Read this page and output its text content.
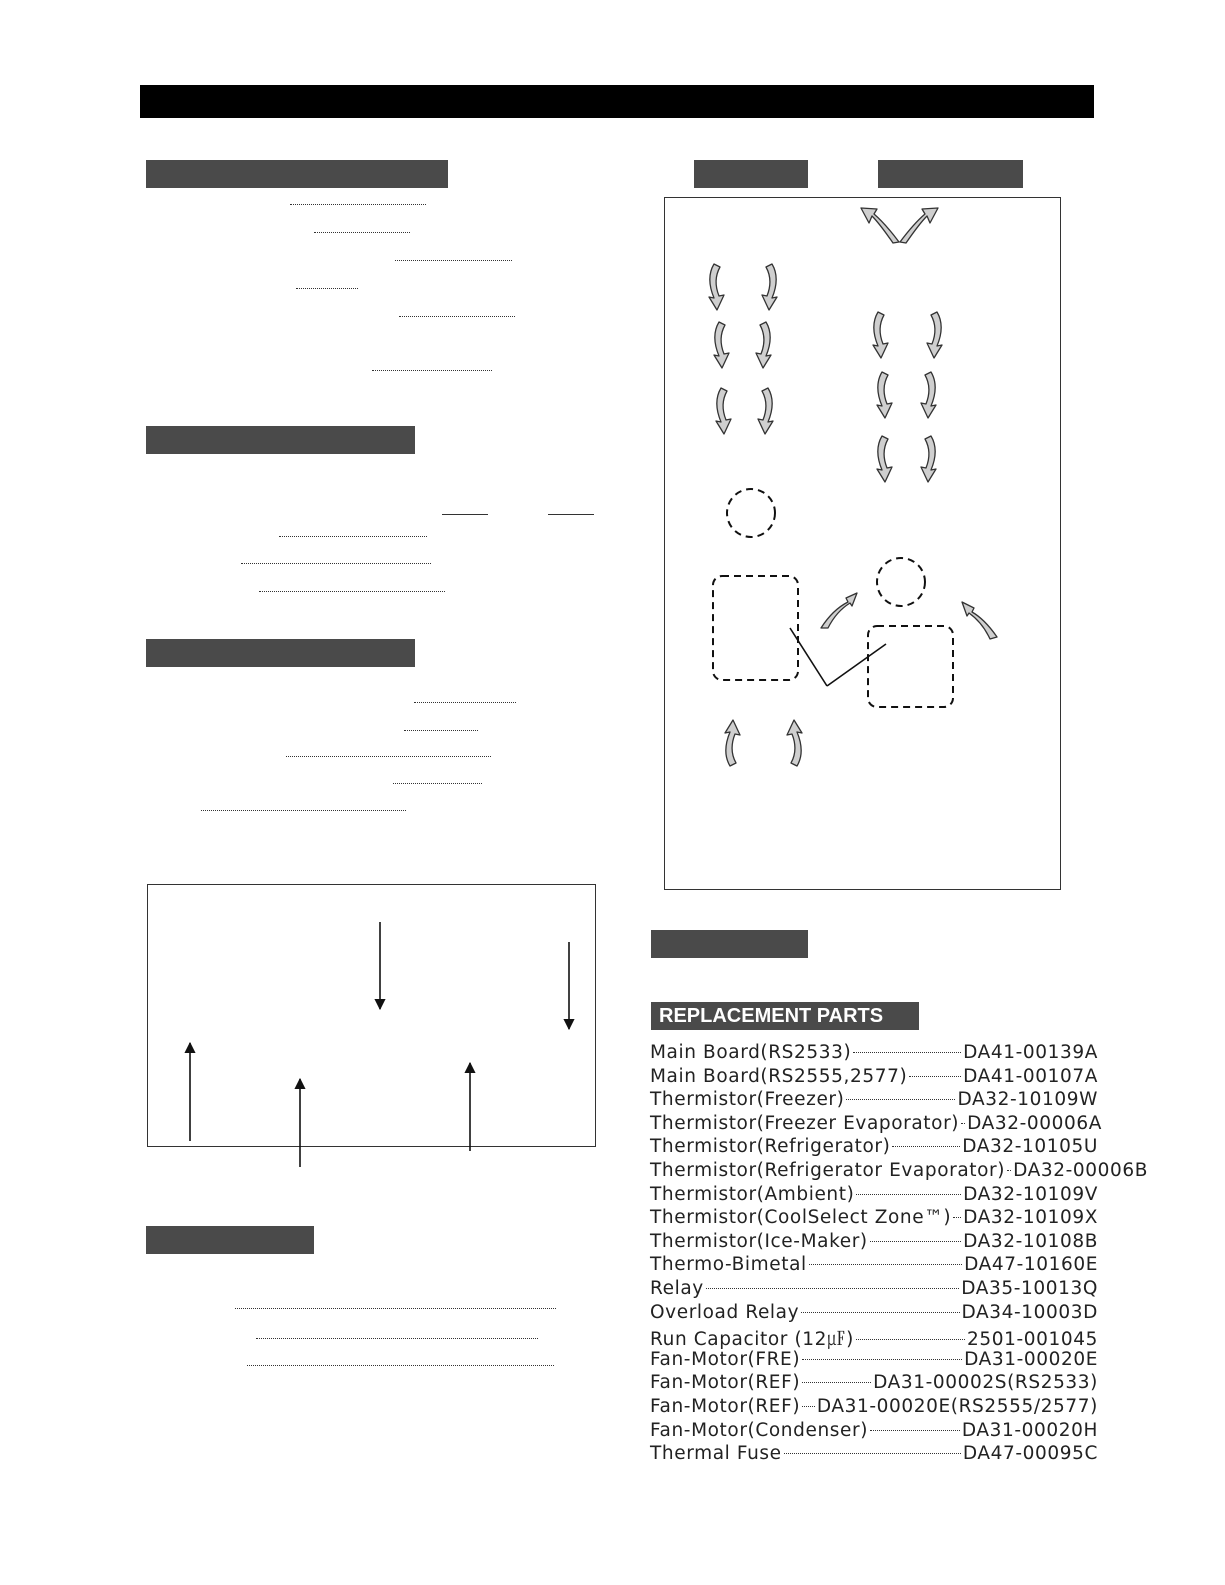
REPLACEMENT PARTS
Main Board(RS2533)	DA41-00139A
Main Board(RS2555,2577)	DA41-00107A
Thermistor(Freezer)	DA32-10109W
Thermistor(Freezer Evaporator) DA32-00006A
Thermistor(Refrigerator)	DA32-10105U
Thermistor(Refrigerator Evaporator) DA32-00006B
Thermistor(Ambient)	DA32-10109V
Thermistor(CoolSelect Zone™) DA32-10109X
Thermistor(Ice-Maker)	DA32-10108B
Thermo-Bimetal	DA47-10160E
Relay	DA35-10013Q
Overload Relay	DA34-10003D
Run Capacitor (12㎌)	2501-001045
Fan-Motor(FRE)	DA31-00020E
Fan-Motor(REF)	DA31-00002S(RS2533)
Fan-Motor(REF) DA31-00020E(RS2555/2577)
Fan-Motor(Condenser)	DA31-00020H
Thermal Fuse	DA47-00095C
